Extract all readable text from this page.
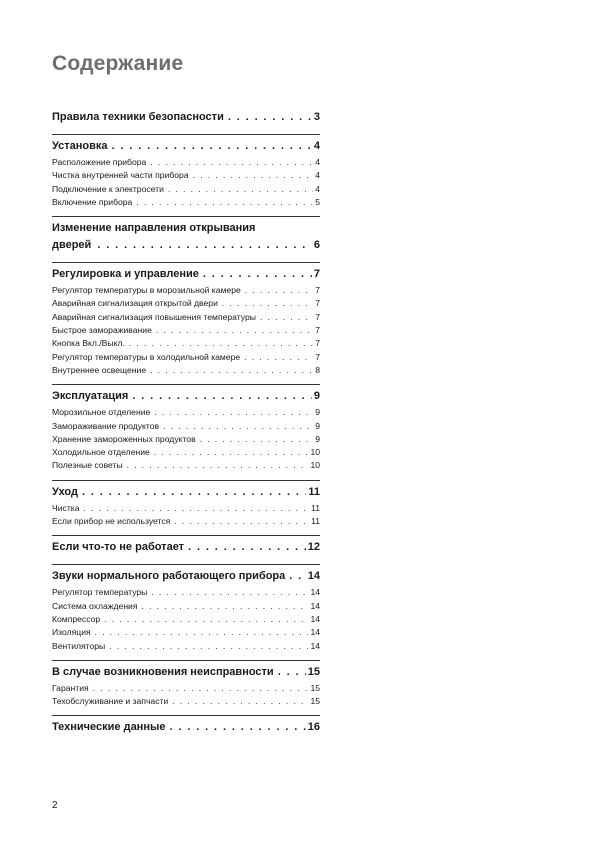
Содержание
Правила техники безопасности . . .	3
Установка . . .	4
Расположение прибора . . .	4
Чистка внутренней части прибора . . .	4
Подключение к электросети . . .	4
Включение прибора . . .	5
Изменение направления открывания
дверей . . .	6
Регулировка и управление . . .	7
Регулятор температуры в морозильной камере . . .	7
Аварийная сигнализация открытой двери . . .	7
Аварийная сигнализация повышения температуры . . .	7
Быстрое замораживание . . .	7
Кнопка Вкл./Выкл. . . .	7
Регулятор температуры в холодильной камере . . .	7
Внутреннее освещение . . .	8
Эксплуатация . . .	9
Морозильное отделение . . .	9
Замораживание продуктов . . .	9
Хранение замороженных продуктов . . .	9
Холодильное отделение . . .	10
Полезные советы . . .	10
Уход . . .	11
Чистка . . .	11
Если прибор не используется . . .	11
Если что-то не работает . . .	12
Звуки нормального работающего прибора . . . 14
Регулятор температуры . . .	14
Система охлаждения . . .	14
Компрессор . . .	14
Изоляция . . .	14
Вентиляторы . . .	14
В случае возникновения неисправности . . .	15
Гарантия . . .	15
Техобслуживание и запчасти . . .	15
Технические данные . . .	16
2
